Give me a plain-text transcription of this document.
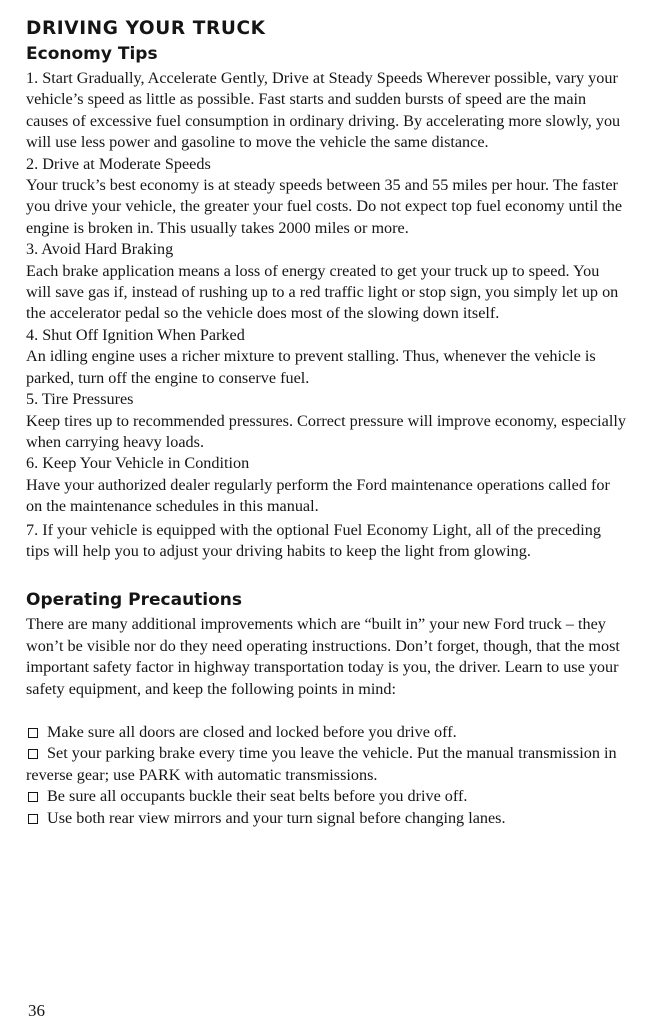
DRIVING YOUR TRUCK
Economy Tips

1. Start Gradually, Accelerate Gently, Drive at Steady Speeds Wherever possible, vary your vehicle’s speed as little as possible. Fast starts and sudden bursts of speed are the main causes of excessive fuel consumption in ordinary driving. By accelerating more slowly, you will use less power and gasoline to move the vehicle the same distance.

2. Drive at Moderate Speeds

Your truck’s best economy is at steady speeds between 35 and 55 miles per hour. The faster you drive your vehicle, the greater your fuel costs. Do not expect top fuel economy until the engine is broken in. This usually takes 2000 miles or more.

3. Avoid Hard Braking

Each brake application means a loss of energy created to get your truck up to speed. You will save gas if, instead of rushing up to a red traffic light or stop sign, you simply let up on the accelerator pedal so the vehicle does most of the slowing down itself.

4. Shut Off Ignition When Parked

An idling engine uses a richer mixture to prevent stalling. Thus, whenever the vehicle is parked, turn off the engine to conserve fuel.

5. Tire Pressures

Keep tires up to recommended pressures. Correct pressure will improve economy, especially when carrying heavy loads.

6. Keep Your Vehicle in Condition

Have your authorized dealer regularly perform the Ford maintenance operations called for on the maintenance schedules in this manual.

7. If your vehicle is equipped with the optional Fuel Economy Light, all of the preceding tips will help you to adjust your driving habits to keep the light from glowing.

Operating Precautions

There are many additional improvements which are “built in” your new Ford truck – they won’t be visible nor do they need operating instructions. Don’t forget, though, that the most important safety factor in highway transportation today is you, the driver. Learn to use your safety equipment, and keep the following points in mind:

Make sure all doors are closed and locked before you drive off.
Set your parking brake every time you leave the vehicle. Put the manual transmission in reverse gear; use PARK with automatic transmissions.
Be sure all occupants buckle their seat belts before you drive off.
Use both rear view mirrors and your turn signal before changing lanes.

36
